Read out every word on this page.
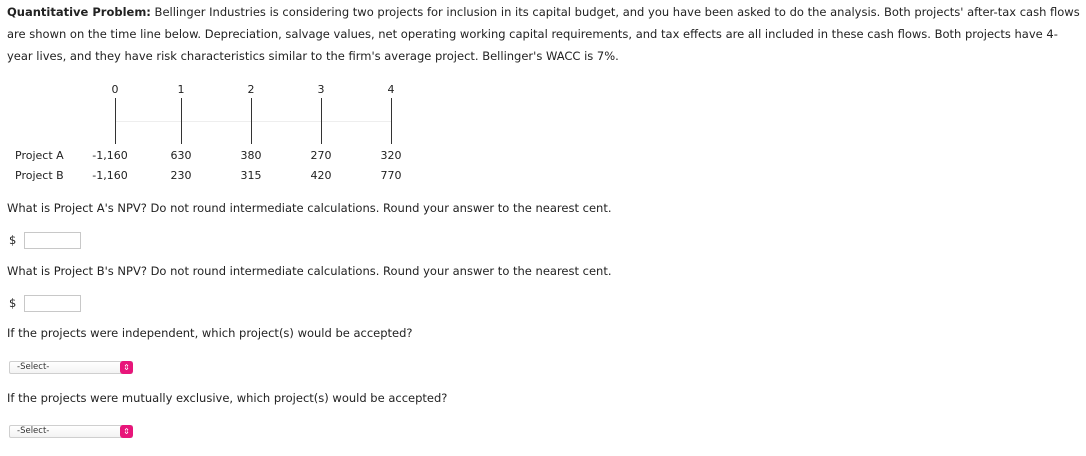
Quantitative Problem: Bellinger Industries is considering two projects for inclusion in its capital budget, and you have been asked to do the analysis. Both projects' after-tax cash flows are shown on the time line below. Depreciation, salvage values, net operating working capital requirements, and tax effects are all included in these cash flows. Both projects have 4-year lives, and they have risk characteristics similar to the firm's average project. Bellinger's WACC is 7%.
0	1	2	3	4
Project A	-1,160	630	380	270	320
Project B	-1,160	230	315	420	770
What is Project A's NPV? Do not round intermediate calculations. Round your answer to the nearest cent.
$
What is Project B's NPV? Do not round intermediate calculations. Round your answer to the nearest cent.
$
If the projects were independent, which project(s) would be accepted?
-Select-	⇕
If the projects were mutually exclusive, which project(s) would be accepted?
-Select-	⇕
